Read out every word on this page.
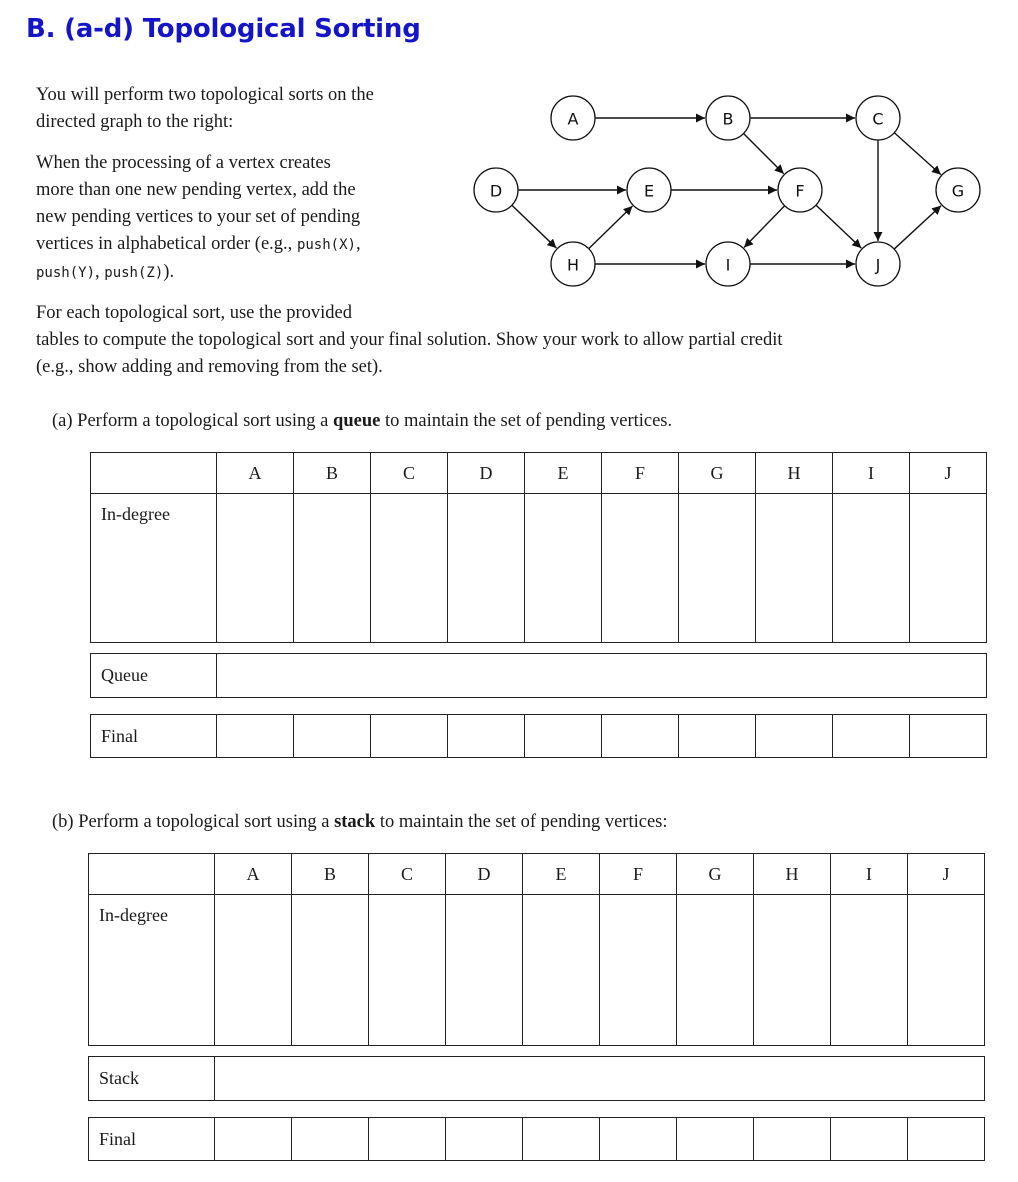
B. (a-d) Topological Sorting
You will perform two topological sorts on the
directed graph to the right:
When the processing of a vertex creates
more than one new pending vertex, add the
new pending vertices to your set of pending
vertices in alphabetical order (e.g., push(X),
push(Y), push(Z)).
For each topological sort, use the provided
tables to compute the topological sort and your final solution. Show your work to allow partial credit
(e.g., show adding and removing from the set).
A	B	C
D	E	F	G
H	I	J
(a) Perform a topological sort using a queue to maintain the set of pending vertices.
	A	B	C	D	E	F	G	H	I	J
In-degree										
Queue	
Final										
(b) Perform a topological sort using a stack to maintain the set of pending vertices:
	A	B	C	D	E	F	G	H	I	J
In-degree										
Stack	
Final										
